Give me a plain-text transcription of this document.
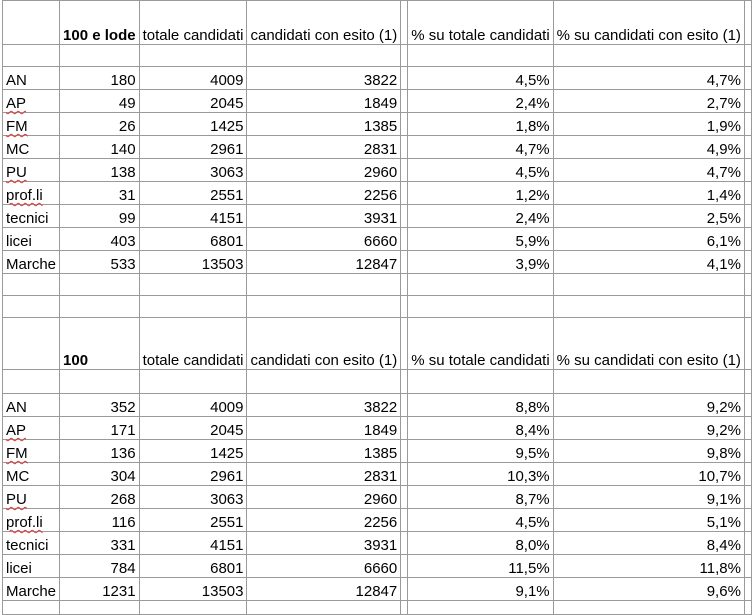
	100 e lode	totale candidati	candidati con esito (1)		% su totale candidati	% su candidati con esito (1)	

AN	180	4009	3822		4,5%	4,7%	
AP	49	2045	1849		2,4%	2,7%	
FM	26	1425	1385		1,8%	1,9%	
MC	140	2961	2831		4,7%	4,9%	
PU	138	3063	2960		4,5%	4,7%	
prof.li	31	2551	2256		1,2%	1,4%	
tecnici	99	4151	3931		2,4%	2,5%	
licei	403	6801	6660		5,9%	6,1%	
Marche	533	13503	12847		3,9%	4,1%	

	100	totale candidati	candidati con esito (1)		% su totale candidati	% su candidati con esito (1)	

AN	352	4009	3822		8,8%	9,2%	
AP	171	2045	1849		8,4%	9,2%	
FM	136	1425	1385		9,5%	9,8%	
MC	304	2961	2831		10,3%	10,7%	
PU	268	3063	2960		8,7%	9,1%	
prof.li	116	2551	2256		4,5%	5,1%	
tecnici	331	4151	3931		8,0%	8,4%	
licei	784	6801	6660		11,5%	11,8%	
Marche	1231	13503	12847		9,1%	9,6%	
